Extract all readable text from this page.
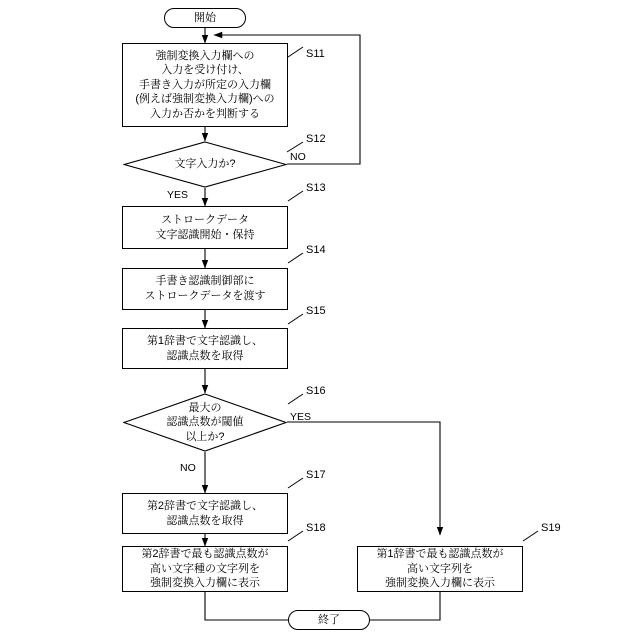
開始
強制変換入力欄への
入力を受け付け、
手書き入力が所定の入力欄
(例えば強制変換入力欄)への
入力か否かを判断する
S11
文字入力か?
S12
NO
YES
ストロークデータ
文字認識開始・保持
S13
手書き認識制御部に
ストロークデータを渡す
S14
第1辞書で文字認識し、
認識点数を取得
S15
最大の
認識点数が閾値
以上か?
S16
YES
NO
第2辞書で文字認識し、
認識点数を取得
S17
第2辞書で最も認識点数が
高い文字種の文字列を
強制変換入力欄に表示
S18
第1辞書で最も認識点数が
高い文字列を
強制変換入力欄に表示
S19
終了
